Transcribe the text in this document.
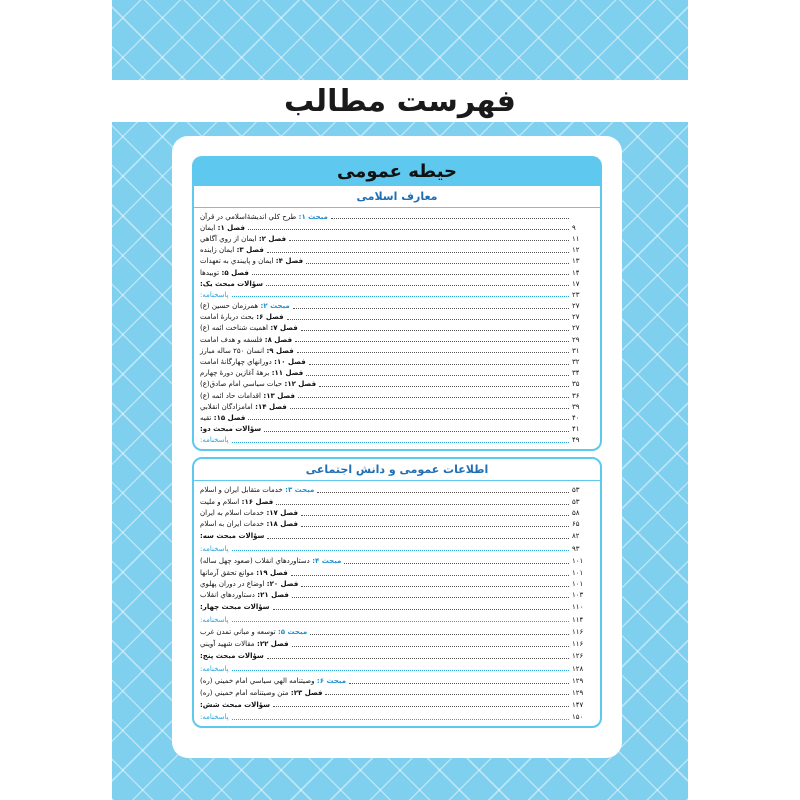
فهرست مطالب
حیطه عمومی
معارف اسلامی
مبحث ۱: طرح کلي انديشۀاسلامي در قرآن
فصل ۱: ايمان	۹
فصل ۲: ايمان از روي آگاهي	۱۱
فصل ۳: ايمان زاينده	۱۲
فصل ۴: ايمان و پايبندي به تعهدات	۱۳
فصل ۵: توبيدها	۱۴
سؤالات مبحث يک:	۱۷
پاسخنامه:	۲۳
مبحث ۲: همرزمان حسين (ع)	۲۷
فصل ۶: بحث دربارۀ امامت	۲۷
فصل ۷: اهميت شناخت ائمه (ع)	۲۷
فصل ۸: فلسفه و هدف امامت	۲۹
فصل ۹: انسان ۲۵۰ ساله مبارز	۳۱
فصل ۱۰: دورانهاي چهارگانۀ امامت	۳۲
فصل ۱۱: برهۀ آغازين دورۀ چهارم	۳۴
فصل ۱۲: حيات سياسي امام صادق(ع)	۳۵
فصل ۱۳: اقدامات حاد ائمه (ع)	۳۶
فصل ۱۴: امامزادگان انقلابي	۳۹
فصل ۱۵: تقيه	۴۰
سؤالات مبحث دو:	۴۱
پاسخنامه:	۴۹
اطلاعات عمومی و دانش اجتماعی
مبحث ۳: خدمات متقابل ايران و اسلام	۵۳
فصل ۱۶: اسلام و مليت	۵۳
فصل ۱۷: خدمات اسلام به ايران	۵۸
فصل ۱۸: خدمات ايران به اسلام	۶۵
سؤالات مبحث سه:	۸۲
پاسخنامه:	۹۳
مبحث ۴: دستاوردهاي انقلاب (صعود چهل ساله)	۱۰۱
فصل ۱۹: موانع تحقق آرمانها	۱۰۱
فصل ۲۰: اوضاع در دوران پهلوي	۱۰۱
فصل ۲۱: دستاوردهاي انقلاب	۱۰۳
سؤالات مبحث چهار:	۱۱۰
پاسخنامه:	۱۱۴
مبحث ۵: توسعه و مباني تمدن غرب	۱۱۶
فصل ۲۲: مقالات شهيد آويني	۱۱۶
سؤالات مبحث پنج:	۱۲۶
پاسخنامه:	۱۲۸
مبحث ۶: وصيتنامه الهي سياسي امام خميني (ره)	۱۲۹
فصل ۲۳: متن وصيتنامه امام خميني (ره)	۱۲۹
سؤالات مبحث شش:	۱۴۷
پاسخنامه:	۱۵۰
